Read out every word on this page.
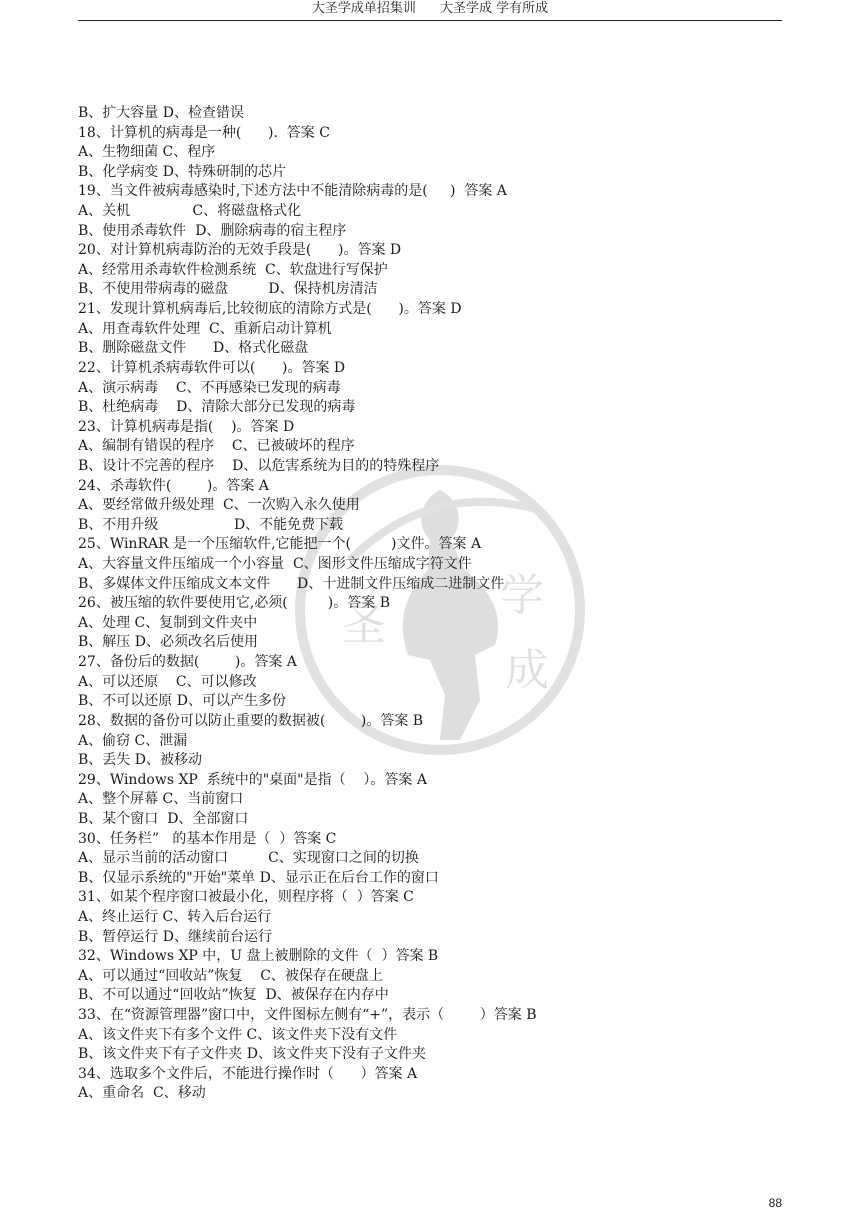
大圣学成单招集训 大圣学成 学有所成
圣
学
成
B、扩大容量 D、检查错误
18、计算机的病毒是一种(      ).  答案 C
A、生物细菌 C、程序
B、化学病变 D、特殊研制的芯片
19、当文件被病毒感染时,下述方法中不能清除病毒的是(     )  答案 A
A、关机              C、将磁盘格式化
B、使用杀毒软件  D、删除病毒的宿主程序
20、对计算机病毒防治的无效手段是(      )。答案 D
A、经常用杀毒软件检测系统  C、软盘进行写保护
B、不使用带病毒的磁盘         D、保持机房清洁
21、发现计算机病毒后,比较彻底的清除方式是(      )。答案 D
A、用查毒软件处理  C、重新启动计算机
B、删除磁盘文件      D、格式化磁盘
22、计算机杀病毒软件可以(      )。答案 D
A、演示病毒    C、不再感染已发现的病毒
B、杜绝病毒    D、清除大部分已发现的病毒
23、计算机病毒是指(    )。答案 D
A、编制有错误的程序    C、已被破坏的程序
B、设计不完善的程序    D、以危害系统为目的的特殊程序
24、杀毒软件(        )。答案 A
A、要经常做升级处理  C、一次购入永久使用
B、不用升级                 D、不能免费下载
25、WinRAR 是一个压缩软件,它能把一个(         )文件。答案 A
A、大容量文件压缩成一个小容量  C、图形文件压缩成字符文件
B、多媒体文件压缩成文本文件      D、十进制文件压缩成二进制文件
26、被压缩的软件要使用它,必须(         )。答案 B
A、处理 C、复制到文件夹中
B、解压 D、必须改名后使用
27、备份后的数据(        )。答案 A
A、可以还原    C、可以修改
B、不可以还原 D、可以产生多份
28、数据的备份可以防止重要的数据被(        )。答案 B
A、偷窃 C、泄漏
B、丢失 D、被移动
29、Windows XP  系统中的"桌面"是指（    ）。答案 A
A、整个屏幕 C、当前窗口
B、某个窗口  D、全部窗口
30、任务栏”   的基本作用是（  ）答案 C
A、显示当前的活动窗口         C、实现窗口之间的切换
B、仅显示系统的"开始"菜单 D、显示正在后台工作的窗口
31、如某个程序窗口被最小化，则程序将（  ）答案 C
A、终止运行 C、转入后台运行
B、暂停运行 D、继续前台运行
32、Windows XP 中，U 盘上被删除的文件（  ）答案 B
A、可以通过“回收站”恢复    C、被保存在硬盘上
B、不可以通过“回收站”恢复  D、被保存在内存中
33、在“资源管理器”窗口中，文件图标左侧有“+”，表示（        ）答案 B
A、该文件夹下有多个文件 C、该文件夹下没有文件
B、该文件夹下有子文件夹 D、该文件夹下没有子文件夹
34、选取多个文件后，不能进行操作时（      ）答案 A
A、重命名  C、移动
88
